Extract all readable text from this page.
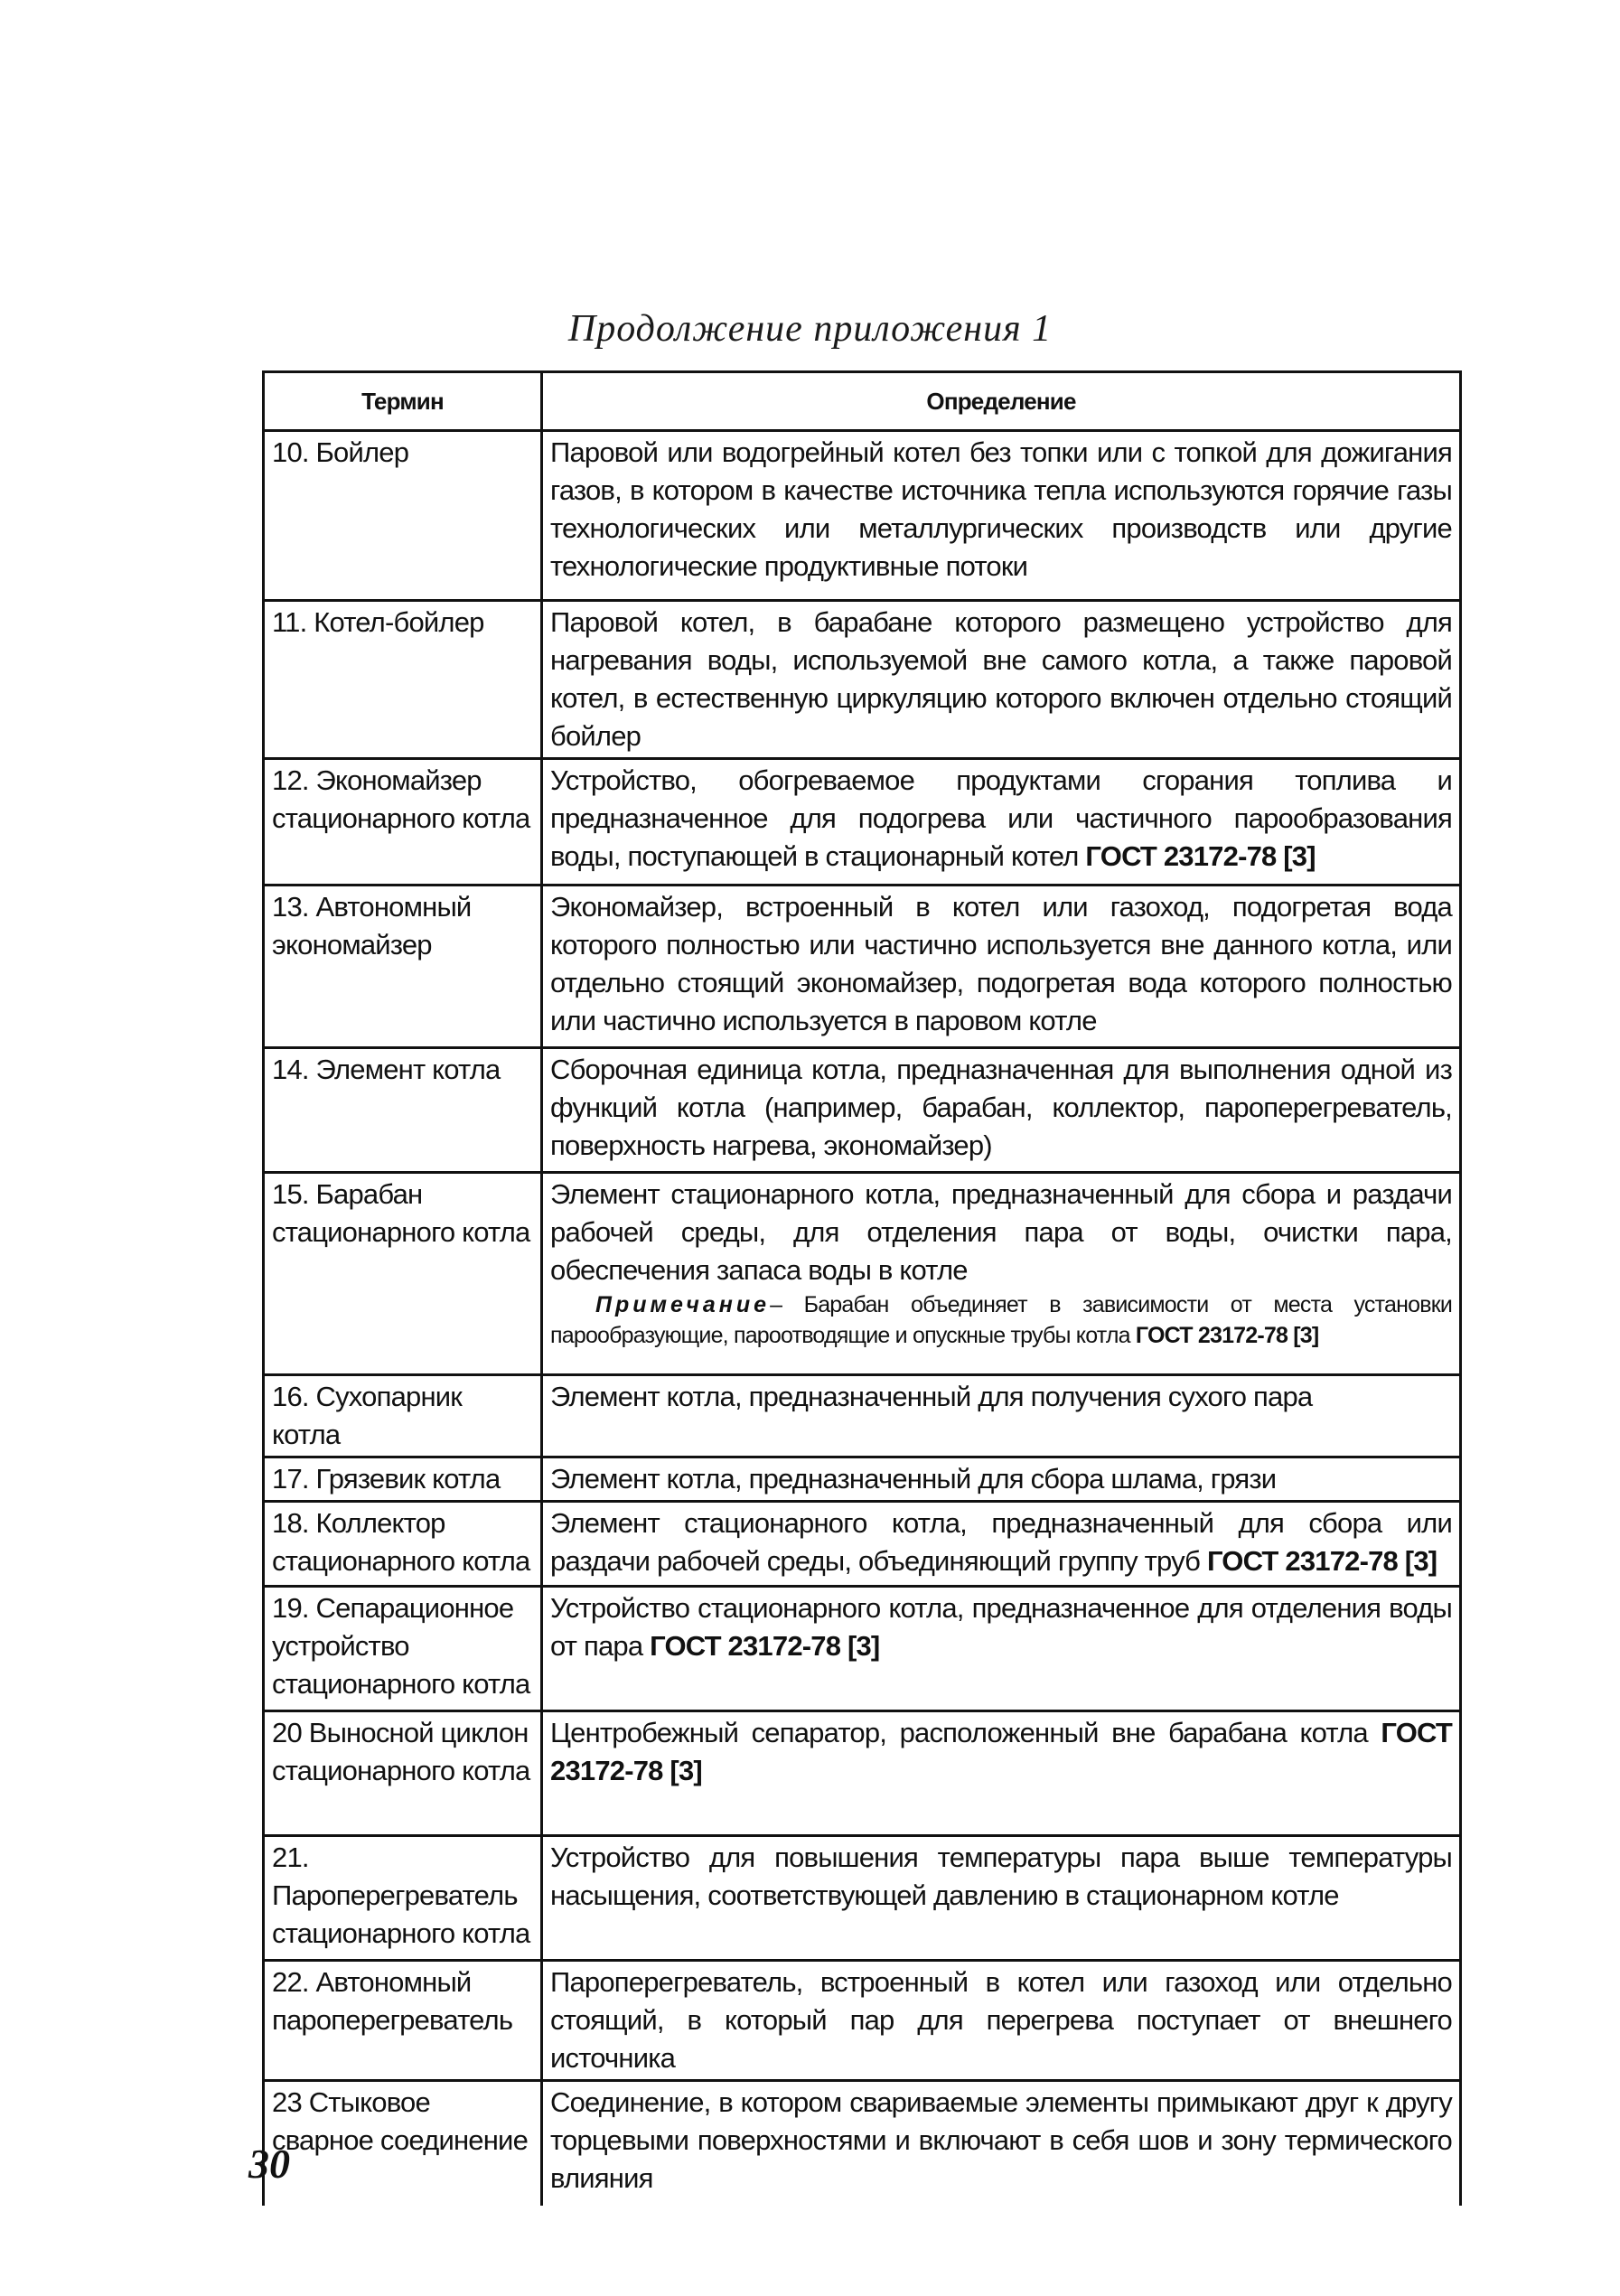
Продолжение приложения 1
Термин	Определение
10. Бойлер	Паровой или водогрейный котел без топки или с топкой для дожигания газов, в котором в качестве источника тепла используются горячие газы технологических или металлургических производств или другие технологические продуктивные потоки
11. Котел-бойлер	Паровой котел, в барабане которого размещено устройство для нагревания воды, используемой вне самого котла, а также паровой котел, в естественную циркуляцию которого включен отдельно стоящий бойлер
12. Экономайзер стационарного котла	Устройство, обогреваемое продуктами сгорания топлива и предназначенное для подогрева или частичного парообразования воды, поступающей в стационарный котел ГОСТ 23172-78 [3]
13. Автономный экономайзер	Экономайзер, встроенный в котел или газоход, подогретая вода которого полностью или частично используется вне данного котла, или отдельно стоящий экономайзер, подогретая вода которого полностью или частично используется в паровом котле
14. Элемент котла	Сборочная единица котла, предназначенная для выполнения одной из функций котла (например, барабан, коллектор, пароперегреватель, поверхность нагрева, экономайзер)
15. Барабан стационарного котла	Элемент стационарного котла, предназначенный для сбора и раздачи рабочей среды, для отделения пара от воды, очистки пара, обеспечения запаса воды в котле
Примечание– Барабан объединяет в зависимости от места установки парообразующие, пароотводящие и опускные трубы котла ГОСТ 23172-78 [3]

16. Сухопарник котла	Элемент котла, предназначенный для получения сухого пара
17. Грязевик котла	Элемент котла, предназначенный для сбора шлама, грязи
18. Коллектор стационарного котла	Элемент стационарного котла, предназначенный для сбора или раздачи рабочей среды, объединяющий группу труб ГОСТ 23172-78 [3]
19. Сепарационное устройство стационарного котла	Устройство стационарного котла, предназначенное для отделения воды от пара ГОСТ 23172-78 [3]
20 Выносной циклон стационарного котла	Центробежный сепаратор, расположенный вне барабана котла ГОСТ 23172-78 [3]
21. Пароперегреватель стационарного котла	Устройство для повышения температуры пара выше температуры насыщения, соответствующей давлению в стационарном котле
22. Автономный пароперегреватель	Пароперегреватель, встроенный в котел или газоход или отдельно стоящий, в который пар для перегрева поступает от внешнего источника
23 Стыковое сварное соединение	Соединение, в котором свариваемые элементы примыкают друг к другу торцевыми поверхностями и включают в себя шов и зону термического влияния
30
